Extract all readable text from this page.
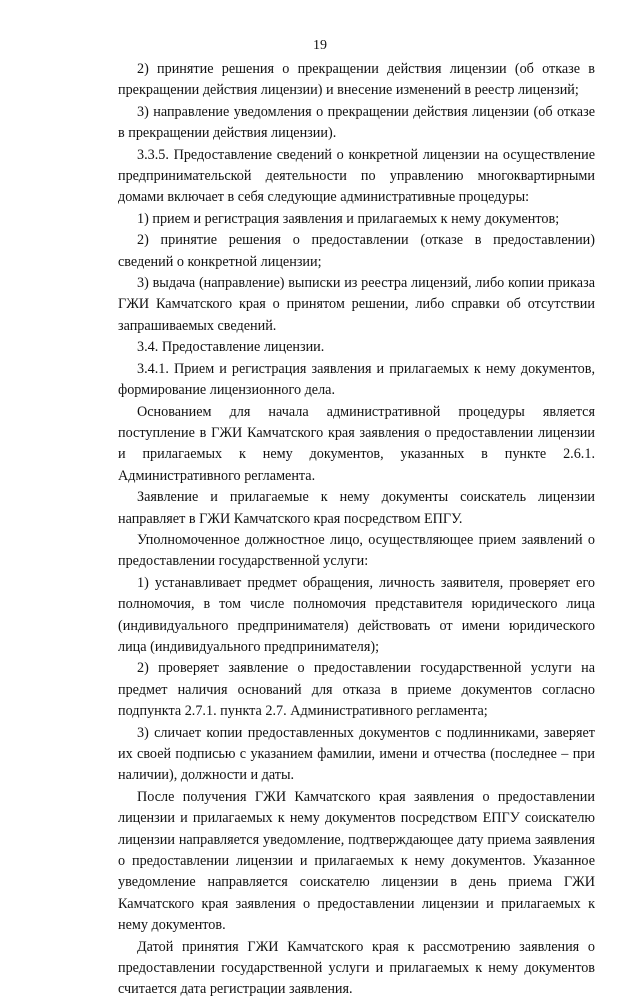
19

2) принятие решения о прекращении действия лицензии (об отказе в прекращении действия лицензии) и внесение изменений в реестр лицензий;

3) направление уведомления о прекращении действия лицензии (об отказе в прекращении действия лицензии).

3.3.5. Предоставление сведений о конкретной лицензии на осуществление предпринимательской деятельности по управлению многоквартирными домами включает в себя следующие административные процедуры:

1) прием и регистрация заявления и прилагаемых к нему документов;

2) принятие решения о предоставлении (отказе в предоставлении) сведений о конкретной лицензии;

3) выдача (направление) выписки из реестра лицензий, либо копии приказа ГЖИ Камчатского края о принятом решении, либо справки об отсутствии запрашиваемых сведений.

3.4. Предоставление лицензии.

3.4.1. Прием и регистрация заявления и прилагаемых к нему документов, формирование лицензионного дела.

Основанием для начала административной процедуры является поступление в ГЖИ Камчатского края заявления о предоставлении лицензии и прилагаемых к нему документов, указанных в пункте 2.6.1. Административного регламента.

Заявление и прилагаемые к нему документы соискатель лицензии направляет в ГЖИ Камчатского края посредством ЕПГУ.

Уполномоченное должностное лицо, осуществляющее прием заявлений о предоставлении государственной услуги:

1) устанавливает предмет обращения, личность заявителя, проверяет его полномочия, в том числе полномочия представителя юридического лица (индивидуального предпринимателя) действовать от имени юридического лица (индивидуального предпринимателя);

2) проверяет заявление о предоставлении государственной услуги на предмет наличия оснований для отказа в приеме документов согласно подпункта 2.7.1. пункта 2.7. Административного регламента;

3) сличает копии предоставленных документов с подлинниками, заверяет их своей подписью с указанием фамилии, имени и отчества (последнее – при наличии), должности и даты.

После получения ГЖИ Камчатского края заявления о предоставлении лицензии и прилагаемых к нему документов посредством ЕПГУ соискателю лицензии направляется уведомление, подтверждающее дату приема заявления о предоставлении лицензии и прилагаемых к нему документов. Указанное уведомление направляется соискателю лицензии в день приема ГЖИ Камчатского края заявления о предоставлении лицензии и прилагаемых к нему документов.

Датой принятия ГЖИ Камчатского края к рассмотрению заявления о предоставлении государственной услуги и прилагаемых к нему документов считается дата регистрации заявления.
